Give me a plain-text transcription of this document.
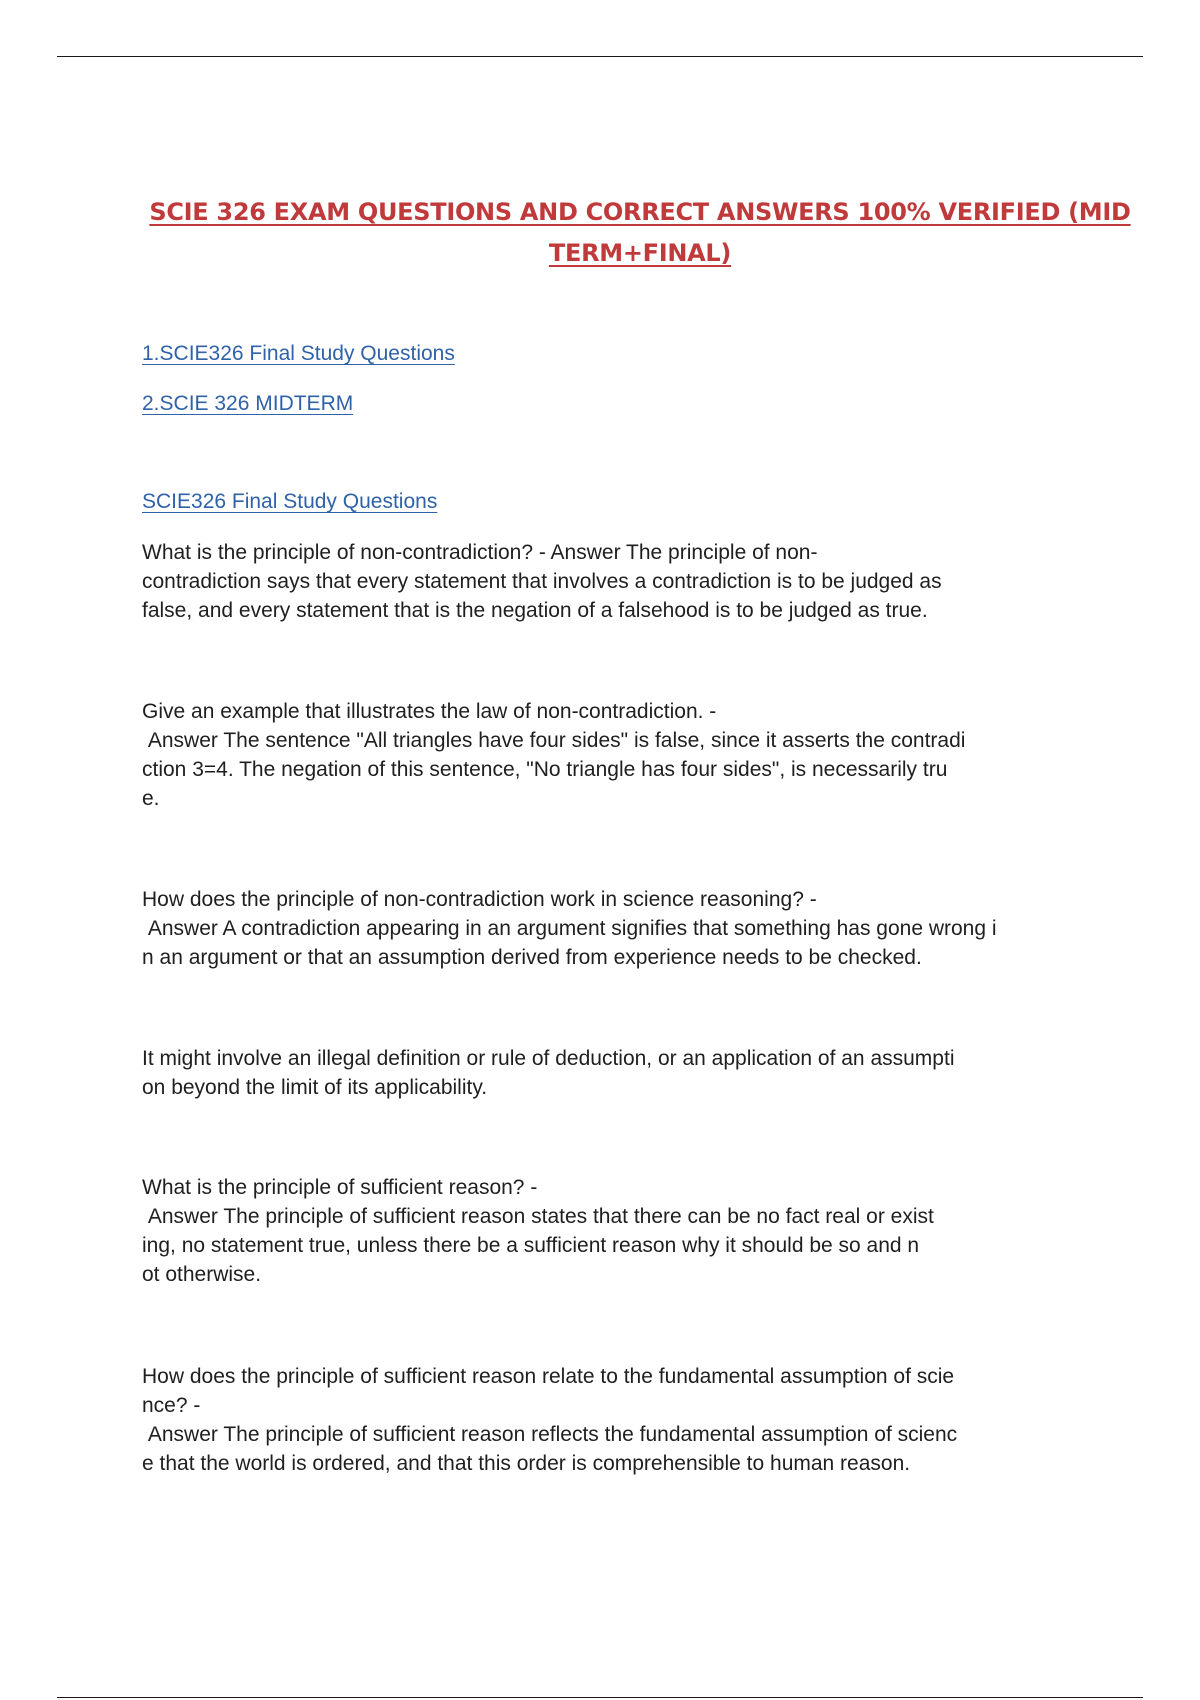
SCIE 326 EXAM QUESTIONS AND CORRECT ANSWERS 100% VERIFIED (MID TERM+FINAL)
1.SCIE326 Final Study Questions
2.SCIE 326 MIDTERM
SCIE326 Final Study Questions
What is the principle of non-contradiction? - Answer The principle of non-
contradiction says that every statement that involves a contradiction is to be judged as
false, and every statement that is the negation of a falsehood is to be judged as true.
Give an example that illustrates the law of non-contradiction. -
Answer The sentence "All triangles have four sides" is false, since it asserts the contradi
ction 3=4. The negation of this sentence, "No triangle has four sides", is necessarily tru
e.
How does the principle of non-contradiction work in science reasoning? -
Answer A contradiction appearing in an argument signifies that something has gone wrong i
n an argument or that an assumption derived from experience needs to be checked.
It might involve an illegal definition or rule of deduction, or an application of an assumpti
on beyond the limit of its applicability.
What is the principle of sufficient reason? -
Answer The principle of sufficient reason states that there can be no fact real or exist
ing, no statement true, unless there be a sufficient reason why it should be so and n
ot otherwise.
How does the principle of sufficient reason relate to the fundamental assumption of scie
nce? -
Answer The principle of sufficient reason reflects the fundamental assumption of scienc
e that the world is ordered, and that this order is comprehensible to human reason.
